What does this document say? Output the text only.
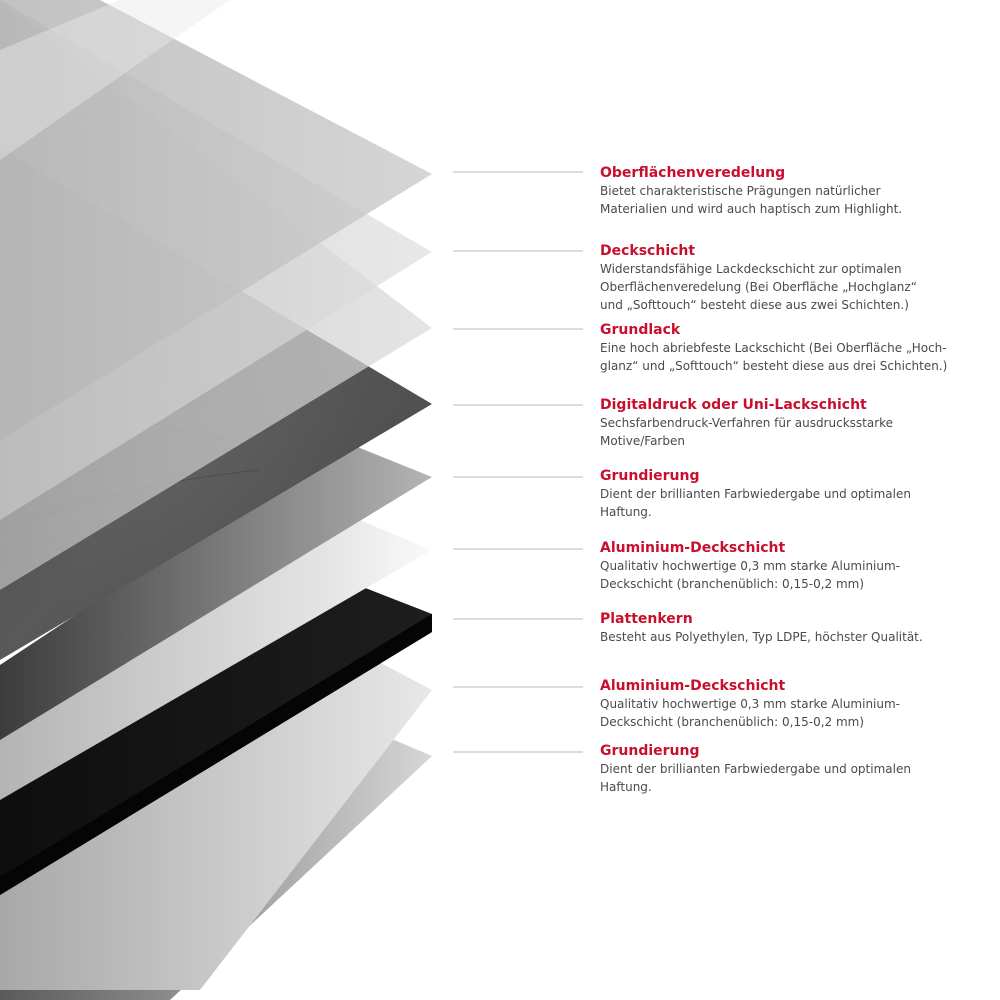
Oberflächenveredelung
Bietet charakteristische Prägungen natürlicher
Materialien und wird auch haptisch zum Highlight.
Deckschicht
Widerstandsfähige Lackdeckschicht zur optimalen
Oberflächenveredelung (Bei Oberfläche „Hochglanz“
und „Softtouch“ besteht diese aus zwei Schichten.)
Grundlack
Eine hoch abriebfeste Lackschicht (Bei Oberfläche „Hoch-
glanz“ und „Softtouch“ besteht diese aus drei Schichten.)
Digitaldruck oder Uni-Lackschicht
Sechsfarbendruck-Verfahren für ausdrucksstarke
Motive/Farben
Grundierung
Dient der brillianten Farbwiedergabe und optimalen
Haftung.
Aluminium-Deckschicht
Qualitativ hochwertige 0,3 mm starke Aluminium-
Deckschicht (branchenüblich: 0,15-0,2 mm)
Plattenkern
Besteht aus Polyethylen, Typ LDPE, höchster Qualität.
Aluminium-Deckschicht
Qualitativ hochwertige 0,3 mm starke Aluminium-
Deckschicht (branchenüblich: 0,15-0,2 mm)
Grundierung
Dient der brillianten Farbwiedergabe und optimalen
Haftung.
